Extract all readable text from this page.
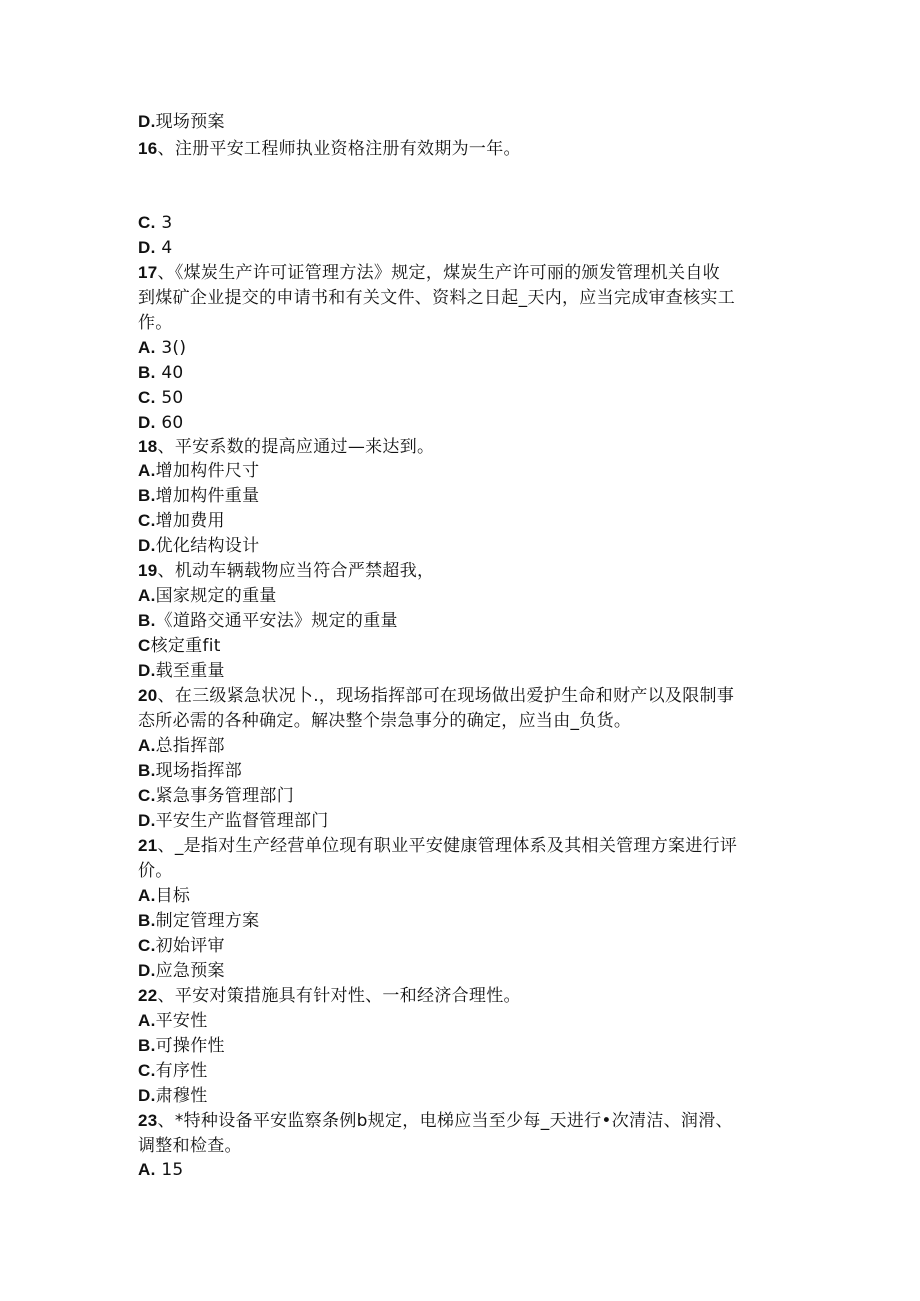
D.现场预案
16、注册平安工程师执业资格注册有效期为一年。
C. 3
D. 4
17、《煤炭生产许可证管理方法》规定，煤炭生产许可丽的颁发管理机关自收
到煤矿企业提交的申请书和有关文件、资料之日起_天内，应当完成审查核实工
作。
A. 3()
B. 40
C. 50
D. 60
18、平安系数的提高应通过—来达到。
A.增加构件尺寸
B.增加构件重量
C.增加费用
D.优化结构设计
19、机动车辆载物应当符合严禁超我，
A.国家规定的重量
B.《道路交通平安法》规定的重量
C核定重fit
D.载至重量
20、在三级紧急状况卜.，现场指挥部可在现场做出爱护生命和财产以及限制事
态所必需的各种确定。解决整个崇急事分的确定，应当由_负货。
A.总指挥部
B.现场指挥部
C.紧急事务管理部门
D.平安生产监督管理部门
21、_是指对生产经营单位现有职业平安健康管理体系及其相关管理方案进行评
价。
A.目标
B.制定管理方案
C.初始评审
D.应急预案
22、平安对策措施具有针对性、一和经济合理性。
A.平安性
B.可操作性
C.有序性
D.肃穆性
23、*特种设备平安监察条例b规定，电梯应当至少每_天进行•次清洁、润滑、
调整和检查。
A. 15
